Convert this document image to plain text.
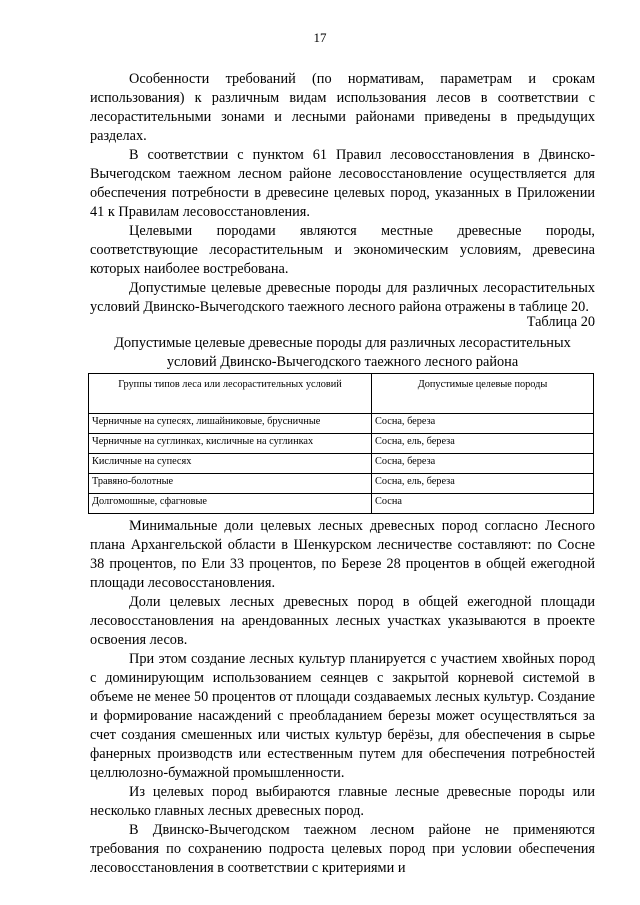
17

Особенности требований (по нормативам, параметрам и срокам использования) к различным видам использования лесов в соответствии с лесорастительными зонами и лесными районами приведены в предыдущих разделах.

В соответствии с пунктом 61 Правил лесовосстановления в Двинско-Вычегодском таежном лесном районе лесовосстановление осуществляется для обеспечения потребности в древесине целевых пород, указанных в Приложении 41 к Правилам лесовосстановления.

Целевыми породами являются местные древесные породы, соответствующие лесорастительным и экономическим условиям, древесина которых наиболее востребована.

Допустимые целевые древесные породы для различных лесорастительных условий Двинско-Вычегодского таежного лесного района отражены в таблице 20.

Таблица 20

Допустимые целевые древесные породы для различных лесорастительных условий Двинско-Вычегодского таежного лесного района

Группы типов леса или лесорастительных условий	Допустимые целевые породы
Черничные на супесях, лишайниковые, брусничные	Сосна, береза
Черничные на суглинках, кисличные на суглинках	Сосна, ель, береза
Кисличные на супесях	Сосна, береза
Травяно-болотные	Сосна, ель, береза
Долгомошные, сфагновые	Сосна

Минимальные доли целевых лесных древесных пород согласно Лесного плана Архангельской области в Шенкурском лесничестве составляют: по Сосне 38 процентов, по Ели 33 процентов, по Березе 28 процентов в общей ежегодной площади лесовосстановления.

Доли целевых лесных древесных пород в общей ежегодной площади лесовосстановления на арендованных лесных участках указываются в проекте освоения лесов.

При этом создание лесных культур планируется с участием хвойных пород с доминирующим использованием сеянцев с закрытой корневой системой в объеме не менее 50 процентов от площади создаваемых лесных культур. Создание и формирование насаждений с преобладанием березы может осуществляться за счет создания смешенных или чистых культур берёзы, для обеспечения в сырье фанерных производств или естественным путем для обеспечения потребностей целлюлозно-бумажной промышленности.

Из целевых пород выбираются главные лесные древесные породы или несколько главных лесных древесных пород.

В Двинско-Вычегодском таежном лесном районе не применяются требования по сохранению подроста целевых пород при условии обеспечения лесовосстановления в соответствии с критериями и
